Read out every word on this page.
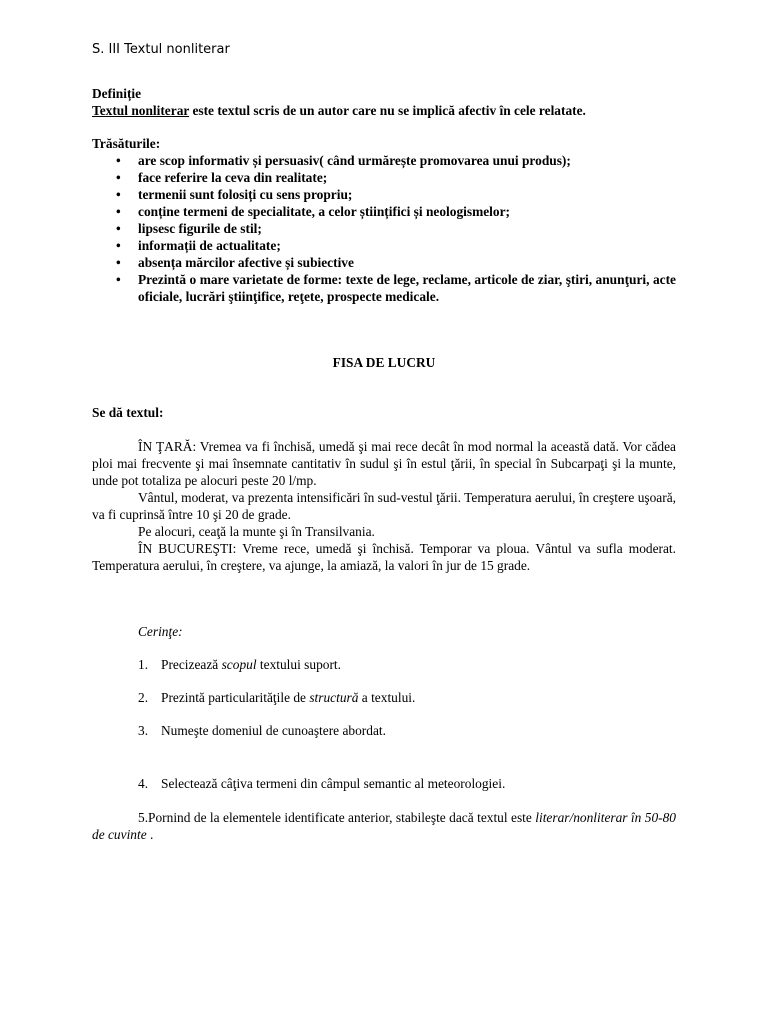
S. III Textul nonliterar
Definiție
Textul nonliterar este textul scris de un autor care nu se implică afectiv în cele relatate.
Trăsăturile:
• are scop informativ și persuasiv( când urmărește promovarea unui produs);
• face referire la ceva din realitate;
• termenii sunt folosiți cu sens propriu;
• conține termeni de specialitate, a celor științifici și neologismelor;
• lipsesc figurile de stil;
• informații de actualitate;
• absența mărcilor afective și subiective
• Prezintă o mare varietate de forme: texte de lege, reclame, articole de ziar, ştiri, anunţuri, acte oficiale, lucrări ştiinţifice, reţete, prospecte medicale.
FISA DE LUCRU
Se dă textul:
ÎN ŢARĂ: Vremea va fi închisă, umedă şi mai rece decât în mod normal la această dată. Vor cădea ploi mai frecvente şi mai însemnate cantitativ în sudul şi în estul ţării, în special în Subcarpaţi şi la munte, unde pot totaliza pe alocuri peste 20 l/mp.
Vântul, moderat, va prezenta intensificări în sud-vestul ţării. Temperatura aerului, în creştere uşoară, va fi cuprinsă între 10 şi 20 de grade.
Pe alocuri, ceaţă la munte şi în Transilvania.
ÎN BUCUREŞTI: Vreme rece, umedă şi închisă. Temporar va ploua. Vântul va sufla moderat. Temperatura aerului, în creştere, va ajunge, la amiază, la valori în jur de 15 grade.
Cerinţe:
1. Precizează scopul textului suport.
2. Prezintă particularităţile de structură a textului.
3. Numeşte domeniul de cunoaştere abordat.
4. Selectează câţiva termeni din câmpul semantic al meteorologiei.
5.Pornind de la elementele identificate anterior, stabileşte dacă textul este literar/nonliterar în 50-80 de cuvinte .
